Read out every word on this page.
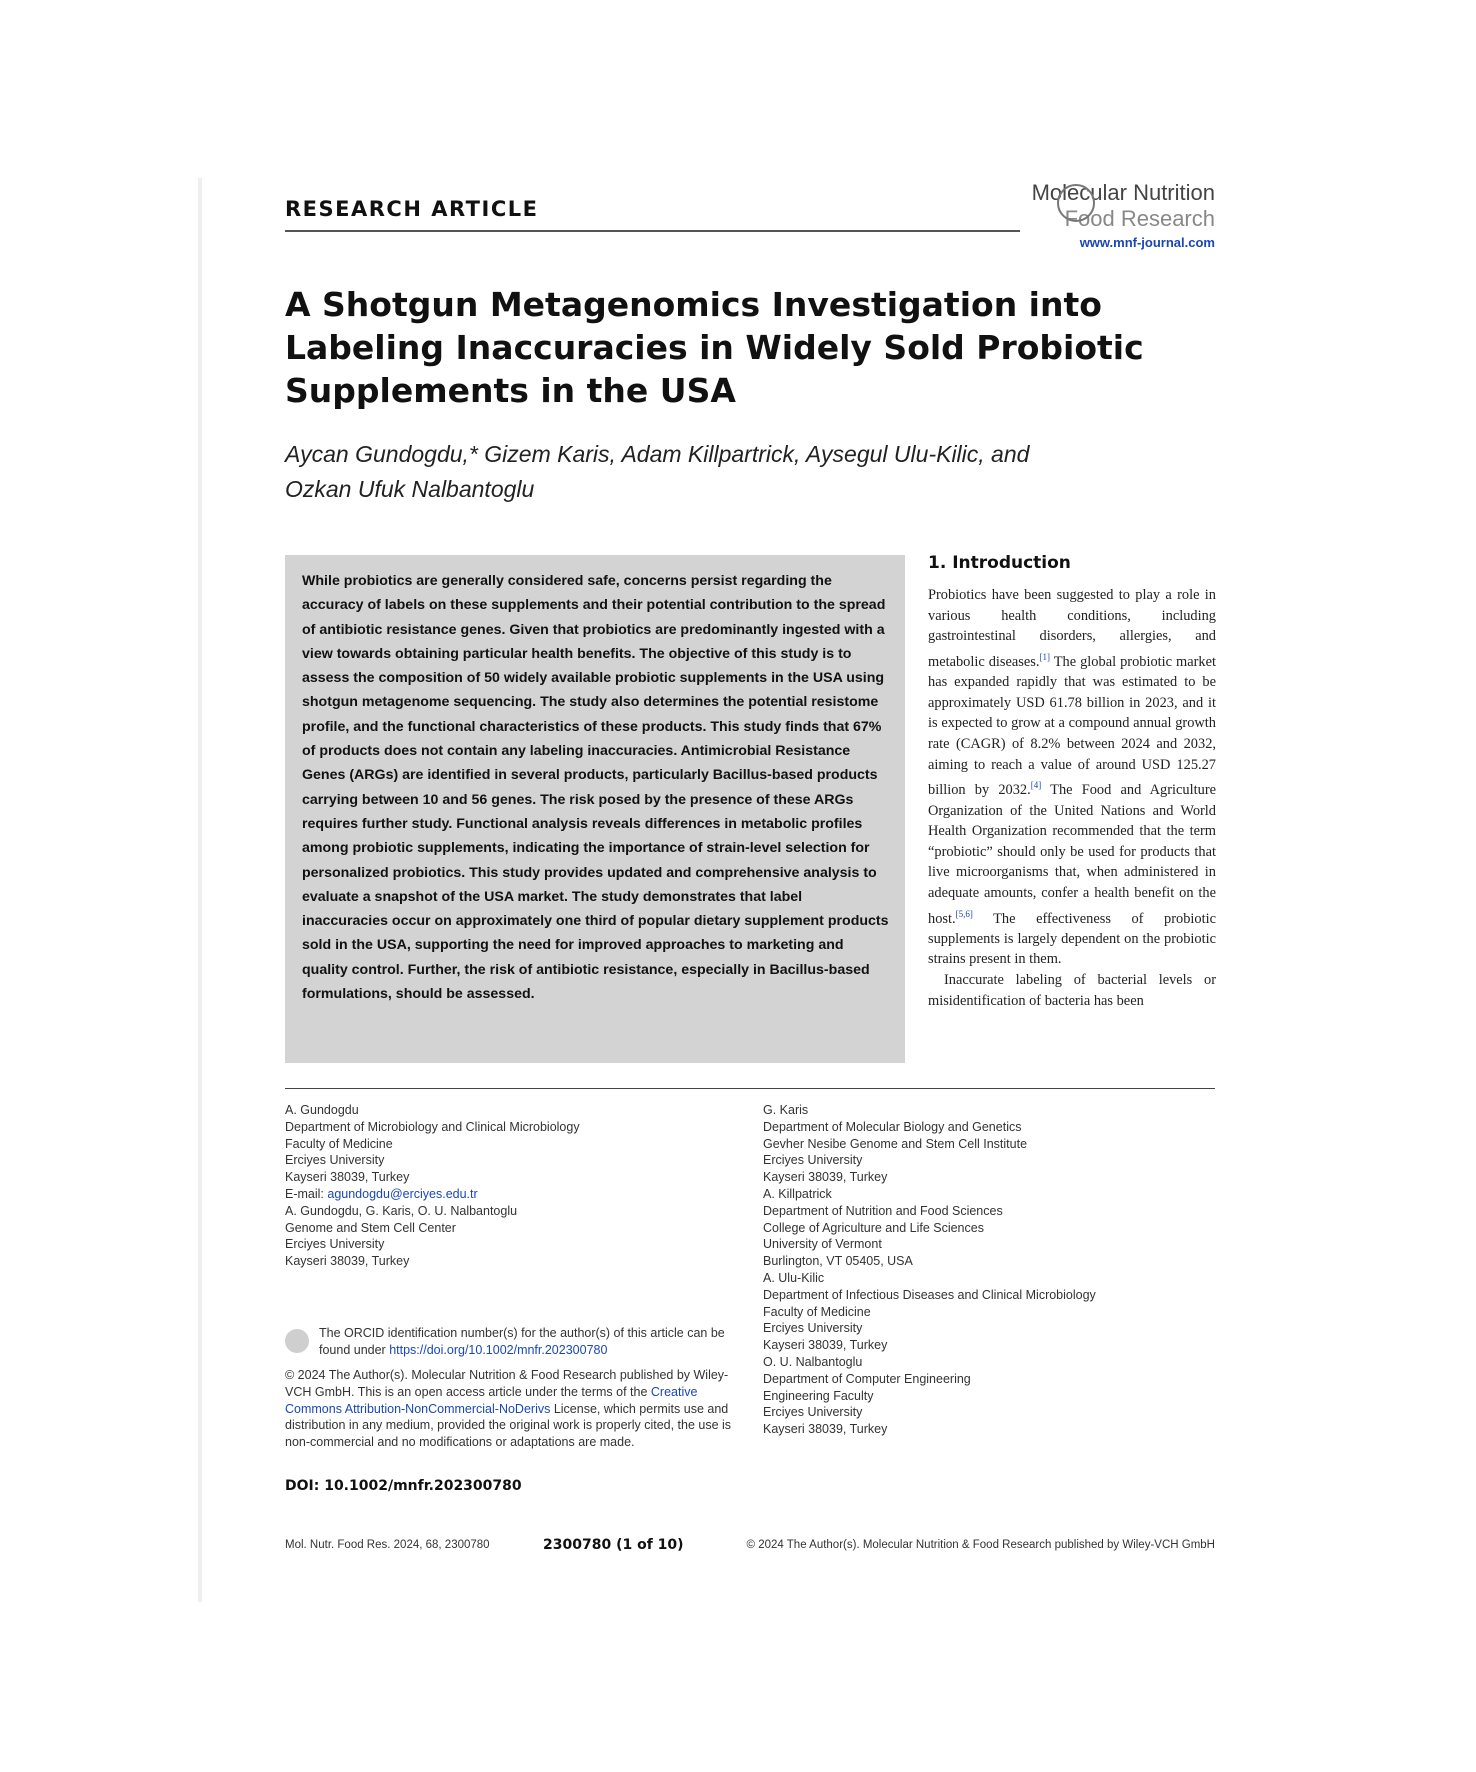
RESEARCH ARTICLE
Molecular Nutrition
Food Research
www.mnf-journal.com
A Shotgun Metagenomics Investigation into Labeling Inaccuracies in Widely Sold Probiotic Supplements in the USA

Aycan Gundogdu,* Gizem Karis, Adam Killpartrick, Aysegul Ulu-Kilic, and Ozkan Ufuk Nalbantoglu

While probiotics are generally considered safe, concerns persist regarding the accuracy of labels on these supplements and their potential contribution to the spread of antibiotic resistance genes. Given that probiotics are predominantly ingested with a view towards obtaining particular health benefits. The objective of this study is to assess the composition of 50 widely available probiotic supplements in the USA using shotgun metagenome sequencing. The study also determines the potential resistome profile, and the functional characteristics of these products. This study finds that 67% of products does not contain any labeling inaccuracies. Antimicrobial Resistance Genes (ARGs) are identified in several products, particularly Bacillus-based products carrying between 10 and 56 genes. The risk posed by the presence of these ARGs requires further study. Functional analysis reveals differences in metabolic profiles among probiotic supplements, indicating the importance of strain-level selection for personalized probiotics. This study provides updated and comprehensive analysis to evaluate a snapshot of the USA market. The study demonstrates that label inaccuracies occur on approximately one third of popular dietary supplement products sold in the USA, supporting the need for improved approaches to marketing and quality control. Further, the risk of antibiotic resistance, especially in Bacillus-based formulations, should be assessed.

1. Introduction

Probiotics have been suggested to play a role in various health conditions, including gastrointestinal disorders, allergies, and metabolic diseases.[1] The global probiotic market has expanded rapidly that was estimated to be approximately USD 61.78 billion in 2023, and it is expected to grow at a compound annual growth rate (CAGR) of 8.2% between 2024 and 2032, aiming to reach a value of around USD 125.27 billion by 2032.[4] The Food and Agriculture Organization of the United Nations and World Health Organization recommended that the term “probiotic” should only be used for products that live microorganisms that, when administered in adequate amounts, confer a health benefit on the host.[5,6] The effectiveness of probiotic supplements is largely dependent on the probiotic strains present in them.

Inaccurate labeling of bacterial levels or misidentification of bacteria has been

A. Gundogdu
Department of Microbiology and Clinical Microbiology
Faculty of Medicine
Erciyes University
Kayseri 38039, Turkey
E-mail: agundogdu@erciyes.edu.tr
A. Gundogdu, G. Karis, O. U. Nalbantoglu
Genome and Stem Cell Center
Erciyes University
Kayseri 38039, Turkey
G. Karis
Department of Molecular Biology and Genetics
Gevher Nesibe Genome and Stem Cell Institute
Erciyes University
Kayseri 38039, Turkey
A. Killpatrick
Department of Nutrition and Food Sciences
College of Agriculture and Life Sciences
University of Vermont
Burlington, VT 05405, USA
A. Ulu-Kilic
Department of Infectious Diseases and Clinical Microbiology
Faculty of Medicine
Erciyes University
Kayseri 38039, Turkey
O. U. Nalbantoglu
Department of Computer Engineering
Engineering Faculty
Erciyes University
Kayseri 38039, Turkey

The ORCID identification number(s) for the author(s) of this article can be found under https://doi.org/10.1002/mnfr.202300780

© 2024 The Author(s). Molecular Nutrition & Food Research published by Wiley-VCH GmbH. This is an open access article under the terms of the Creative Commons Attribution-NonCommercial-NoDerivs License, which permits use and distribution in any medium, provided the original work is properly cited, the use is non-commercial and no modifications or adaptations are made.

DOI: 10.1002/mnfr.202300780

Mol. Nutr. Food Res. 2024, 68, 2300780	2300780 (1 of 10)	© 2024 The Author(s). Molecular Nutrition & Food Research published by Wiley-VCH GmbH
